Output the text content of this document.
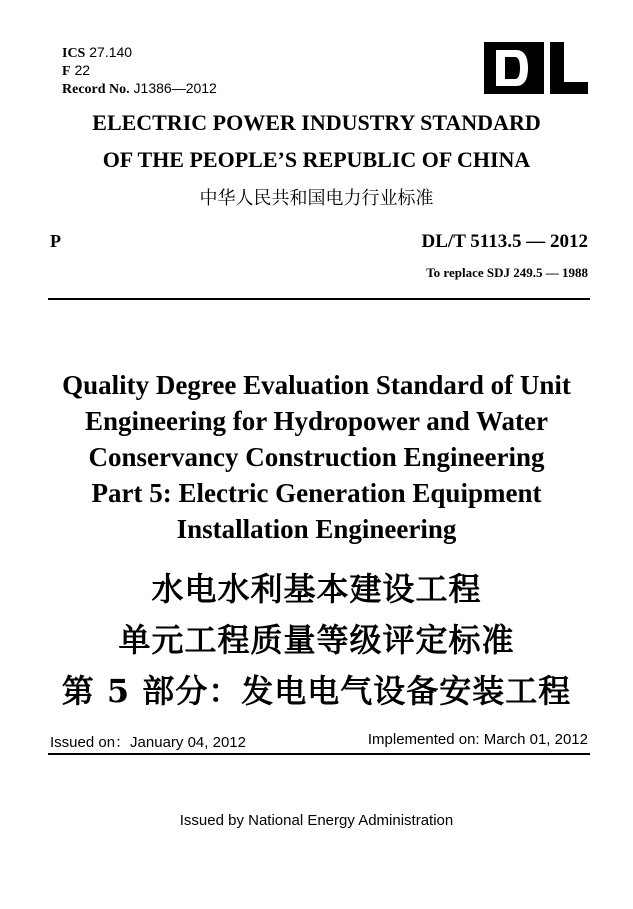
ICS 27.140
F 22
Record No. J1386—2012
ELECTRIC POWER INDUSTRY STANDARD
OF THE PEOPLE’S REPUBLIC OF CHINA
中华人民共和国电力行业标准
P	DL/T 5113.5 — 2012
To replace SDJ 249.5 — 1988
Quality Degree Evaluation Standard of Unit
Engineering for Hydropower and Water
Conservancy Construction Engineering
Part 5: Electric Generation Equipment
Installation Engineering
水电水利基本建设工程
单元工程质量等级评定标准
第 5 部分：发电电气设备安装工程
Issued on：January 04, 2012	Implemented on: March 01, 2012
Issued by National Energy Administration
